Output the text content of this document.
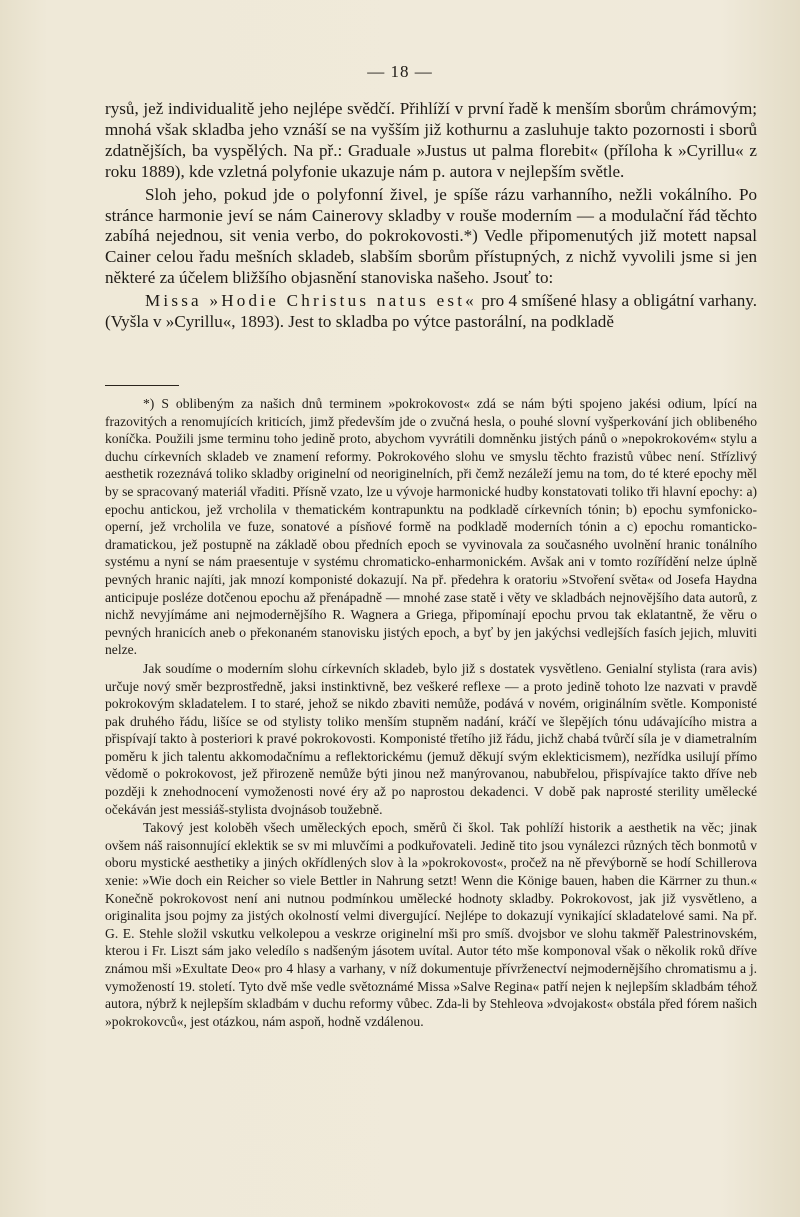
— 18 —

rysů, jež individualitě jeho nejlépe svědčí. Přihlíží v první řadě k menším sborům chrámovým; mnohá však skladba jeho vznáší se na vyšším již kothurnu a zasluhuje takto pozornosti i sborů zdatnějších, ba vyspělých. Na př.: Graduale »Justus ut palma florebit« (příloha k »Cyrillu« z roku 1889), kde vzletná polyfonie ukazuje nám p. autora v nejlepším světle.

Sloh jeho, pokud jde o polyfonní živel, je spíše rázu varhanního, nežli vokálního. Po stránce harmonie jeví se nám Cainerovy skladby v rouše moderním — a modulační řád těchto zabíhá nejednou, sit venia verbo, do pokrokovosti.*) Vedle připomenutých již motett napsal Cainer celou řadu mešních skladeb, slabším sborům přístupných, z nichž vyvolili jsme si jen některé za účelem bližšího objasnění stanoviska našeho. Jsouť to:

Missa »Hodie Christus natus est« pro 4 smíšené hlasy a obligátní varhany. (Vyšla v »Cyrillu«, 1893). Jest to skladba po výtce pastorální, na podkladě

*) S oblibeným za našich dnů terminem »pokrokovost« zdá se nám býti spojeno jakési odium, lpící na frazovitých a renomujících kriticích, jimž především jde o zvučná hesla, o pouhé slovní vyšperkování jich oblibeného koníčka. Použili jsme terminu toho jedině proto, abychom vyvrátili domněnku jistých pánů o »nepokrokovém« stylu a duchu církevních skladeb ve znamení reformy. Pokrokového slohu ve smyslu těchto frazistů vůbec není. Střízlivý aesthetik rozeznává toliko skladby originelní od neoriginelních, při čemž nezáleží jemu na tom, do té které epochy měl by se spracovaný materiál vřaditi. Přísně vzato, lze u vývoje harmonické hudby konstatovati toliko tři hlavní epochy: a) epochu antickou, jež vrcholila v thematickém kontrapunktu na podkladě církevních tónin; b) epochu symfonicko-operní, jež vrcholila ve fuze, sonatové a písňové formě na podkladě moderních tónin a c) epochu romanticko-dramatickou, jež postupně na základě obou předních epoch se vyvinovala za současného uvolnění hranic tonálního systému a nyní se nám praesentuje v systému chromaticko-enharmonickém. Avšak ani v tomto rozířídění nelze úplně pevných hranic najíti, jak mnozí komponisté dokazují. Na př. předehra k oratoriu »Stvoření světa« od Josefa Haydna anticipuje posléze dotčenou epochu až přenápadně — mnohé zase statě i věty ve skladbách nejnovějšího data autorů, z nichž nevyjímáme ani nejmodernějšího R. Wagnera a Griega, připomínají epochu prvou tak eklatantně, že věru o pevných hranicích aneb o překonaném stanovisku jistých epoch, a byť by jen jakýchsi vedlejších fasích jejich, mluviti nelze.

Jak soudíme o moderním slohu církevních skladeb, bylo již s dostatek vysvětleno. Genialní stylista (rara avis) určuje nový směr bezprostředně, jaksi instinktivně, bez veškeré reflexe — a proto jedině tohoto lze nazvati v pravdě pokrokovým skladatelem. I to staré, jehož se nikdo zbaviti nemůže, podává v novém, originálním světle. Komponisté pak druhého řádu, lišíce se od stylisty toliko menším stupněm nadání, kráčí ve šlepějích tónu udávajícího mistra a přispívají takto à posteriori k pravé pokrokovosti. Komponisté třetího již řádu, jichž chabá tvůrčí síla je v diametralním poměru k jich talentu akkomodačnímu a reflektorickému (jemuž děkují svým eklekticismem), nezřídka usilují přímo vědomě o pokrokovost, jež přirozeně nemůže býti jinou než manýrovanou, nabubřelou, přispívajíce takto dříve neb později k znehodnocení vymoženosti nové éry až po naprostou dekadenci. V době pak naprosté sterility umělecké očekáván jest messiáš-stylista dvojnásob toužebně.

Takový jest koloběh všech uměleckých epoch, směrů či škol. Tak pohlíží historik a aesthetik na věc; jinak ovšem náš raisonnující eklektik se sv mi mluvčími a podkuřovateli. Jedině tito jsou vynálezci různých těch bonmotů v oboru mystické aesthetiky a jiných okřídlených slov à la »pokrokovost«, pročež na ně převýborně se hodí Schillerova xenie: »Wie doch ein Reicher so viele Bettler in Nahrung setzt! Wenn die Könige bauen, haben die Kärrner zu thun.« Konečně pokrokovost není ani nutnou podmínkou umělecké hodnoty skladby. Pokrokovost, jak již vysvětleno, a originalita jsou pojmy za jistých okolností velmi divergující. Nejlépe to dokazují vynikající skladatelové sami. Na př. G. E. Stehle složil vskutku velkolepou a veskrze originelní mši pro smíš. dvojsbor ve slohu takměř Palestrinovském, kterou i Fr. Liszt sám jako veledílo s nadšeným jásotem uvítal. Autor této mše komponoval však o několik roků dříve známou mši »Exultate Deo« pro 4 hlasy a varhany, v níž dokumentuje přívrženectví nejmodernějšího chromatismu a j. vymožeností 19. století. Tyto dvě mše vedle světoznámé Missa »Salve Regina« patří nejen k nejlepším skladbám téhož autora, nýbrž k nejlepším skladbám v duchu reformy vůbec. Zda-li by Stehleova »dvojakost« obstála před fórem našich »pokrokovců«, jest otázkou, nám aspoň, hodně vzdálenou.
